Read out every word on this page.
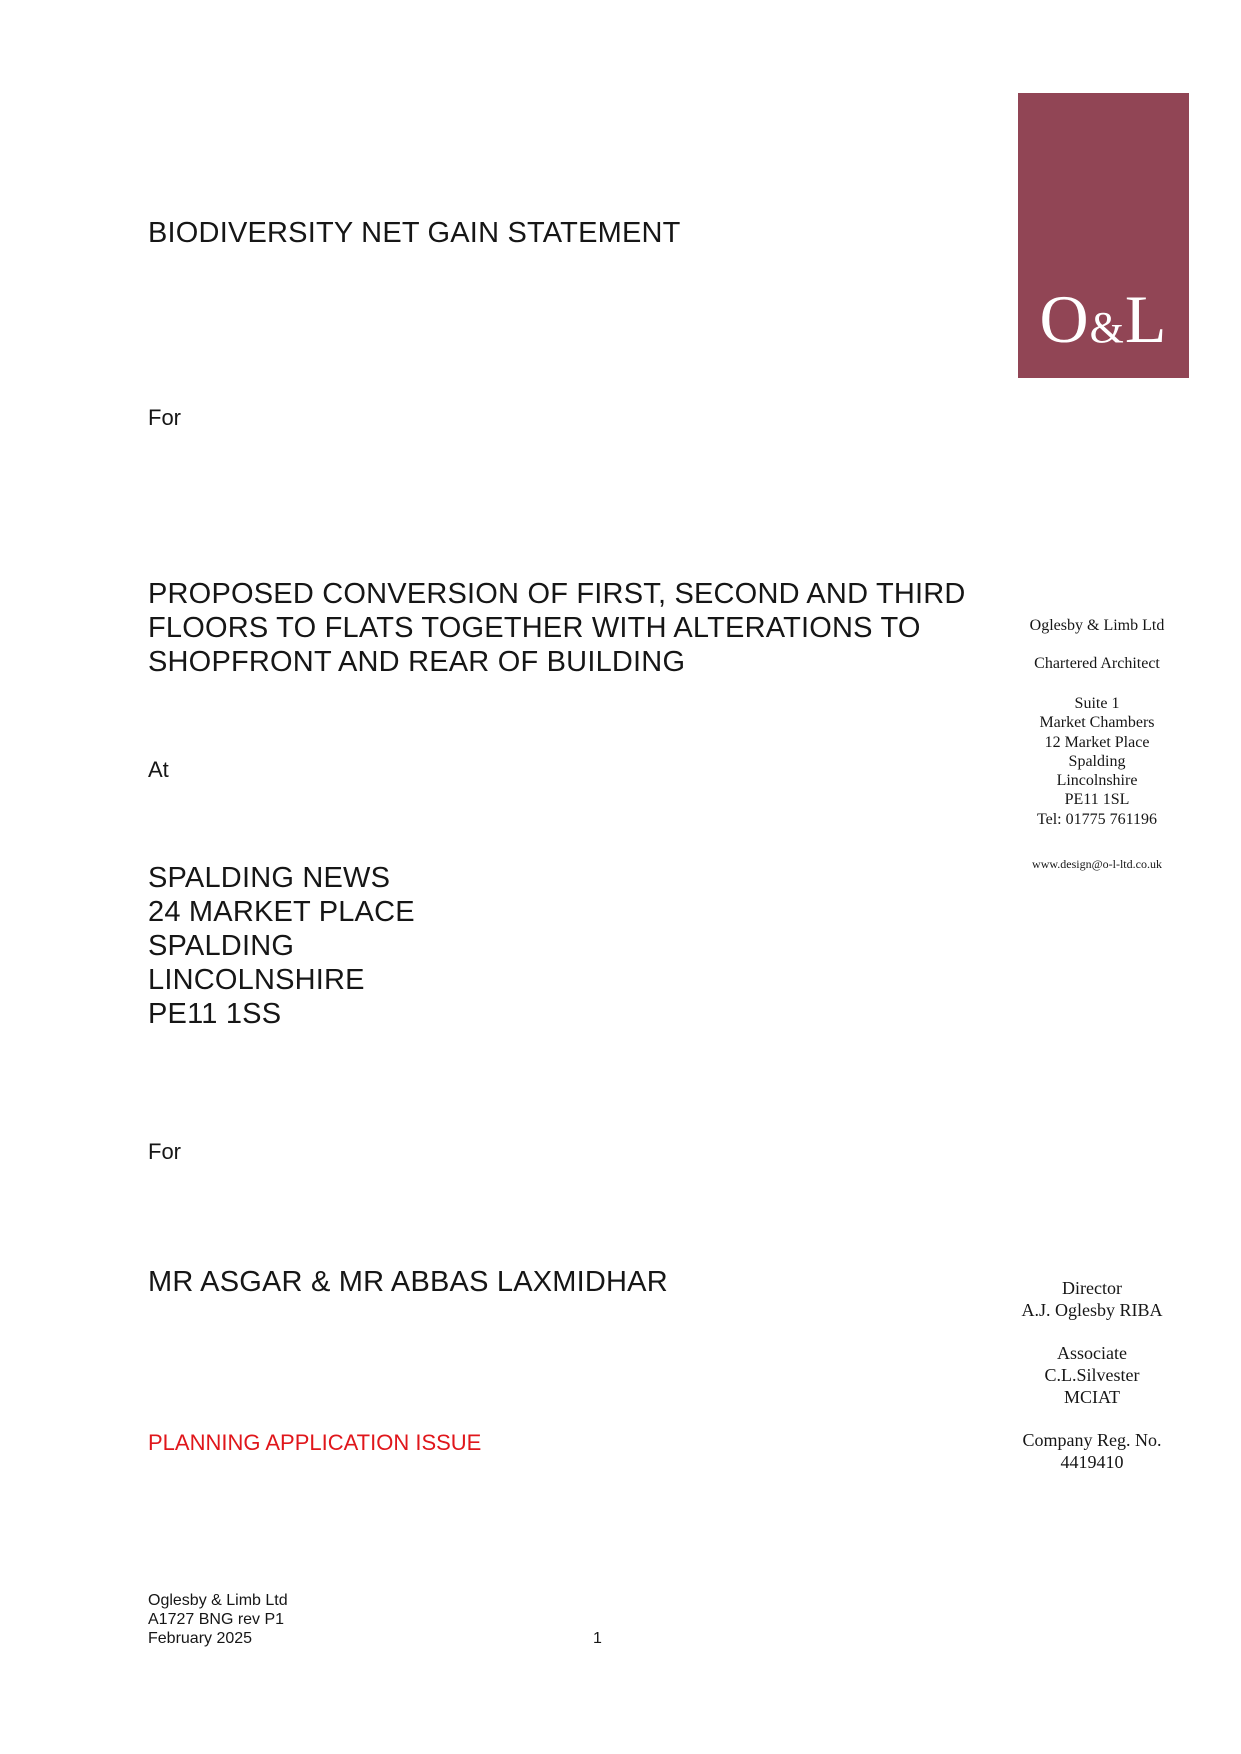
BIODIVERSITY NET GAIN STATEMENT
O&L
For
PROPOSED CONVERSION OF FIRST, SECOND AND THIRD
FLOORS TO FLATS TOGETHER WITH ALTERATIONS TO
SHOPFRONT AND REAR OF BUILDING
At
SPALDING NEWS
24 MARKET PLACE
SPALDING
LINCOLNSHIRE
PE11 1SS
For
MR ASGAR & MR ABBAS LAXMIDHAR
PLANNING APPLICATION ISSUE
Oglesby & Limb Ltd
Chartered Architect
Suite 1
Market Chambers
12 Market Place
Spalding
Lincolnshire
PE11 1SL
Tel: 01775 761196
www.design@o-l-ltd.co.uk
Director
A.J. Oglesby RIBA
Associate
C.L.Silvester
MCIAT
Company Reg. No.
4419410
Oglesby & Limb Ltd
A1727 BNG rev P1
February 2025	1
